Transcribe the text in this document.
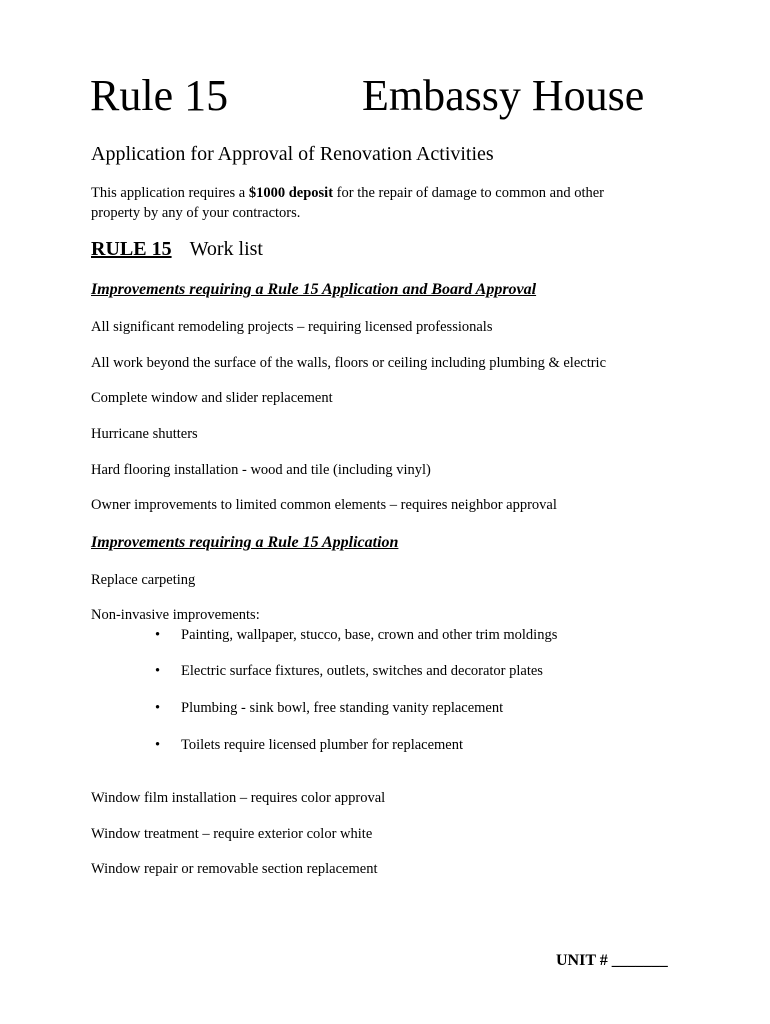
Rule 15	Embassy House
Application for Approval of Renovation Activities
This application requires a $1000 deposit for the repair of damage to common and other property by any of your contractors.
RULE 15 Work list
Improvements requiring a Rule 15 Application and Board Approval
All significant remodeling projects – requiring licensed professionals
All work beyond the surface of the walls, floors or ceiling including plumbing & electric
Complete window and slider replacement
Hurricane shutters
Hard flooring installation - wood and tile (including vinyl)
Owner improvements to limited common elements – requires neighbor approval
Improvements requiring a Rule 15 Application
Replace carpeting
Non-invasive improvements:
• Painting, wallpaper, stucco, base, crown and other trim moldings
• Electric surface fixtures, outlets, switches and decorator plates
• Plumbing - sink bowl, free standing vanity replacement
• Toilets require licensed plumber for replacement
Window film installation – requires color approval
Window treatment – require exterior color white
Window repair or removable section replacement
UNIT # _______
